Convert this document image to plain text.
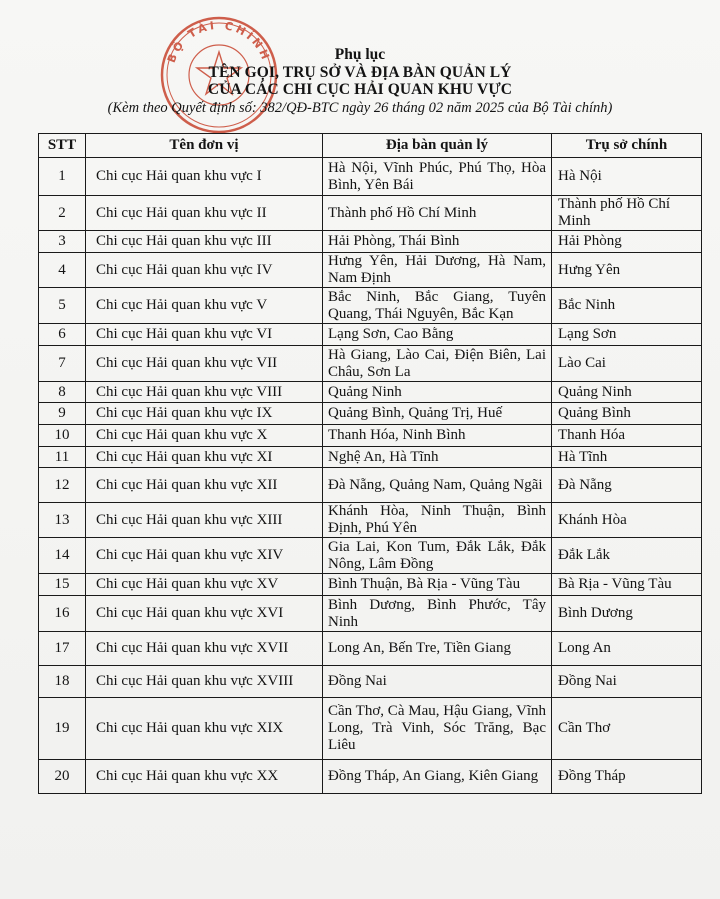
BỘ TÀI CHÍNH	Phụ lục
TÊN GỌI, TRỤ SỞ VÀ ĐỊA BÀN QUẢN LÝ
CỦA CÁC CHI CỤC HẢI QUAN KHU VỰC
(Kèm theo Quyết định số: 382/QĐ-BTC ngày 26 tháng 02 năm 2025 của Bộ Tài chính)
STT	Tên đơn vị	Địa bàn quản lý	Trụ sở chính
1	Chi cục Hải quan khu vực I	Hà Nội, Vĩnh Phúc, Phú Thọ, Hòa Bình, Yên Bái	Hà Nội
2	Chi cục Hải quan khu vực II	Thành phố Hồ Chí Minh	Thành phố Hồ Chí Minh
3	Chi cục Hải quan khu vực III	Hải Phòng, Thái Bình	Hải Phòng
4	Chi cục Hải quan khu vực IV	Hưng Yên, Hải Dương, Hà Nam, Nam Định	Hưng Yên
5	Chi cục Hải quan khu vực V	Bắc Ninh, Bắc Giang, Tuyên Quang, Thái Nguyên, Bắc Kạn	Bắc Ninh
6	Chi cục Hải quan khu vực VI	Lạng Sơn, Cao Bằng	Lạng Sơn
7	Chi cục Hải quan khu vực VII	Hà Giang, Lào Cai, Điện Biên, Lai Châu, Sơn La	Lào Cai
8	Chi cục Hải quan khu vực VIII	Quảng Ninh	Quảng Ninh
9	Chi cục Hải quan khu vực IX	Quảng Bình, Quảng Trị, Huế	Quảng Bình
10	Chi cục Hải quan khu vực X	Thanh Hóa, Ninh Bình	Thanh Hóa
11	Chi cục Hải quan khu vực XI	Nghệ An, Hà Tĩnh	Hà Tĩnh
12	Chi cục Hải quan khu vực XII	Đà Nẵng, Quảng Nam, Quảng Ngãi	Đà Nẵng
13	Chi cục Hải quan khu vực XIII	Khánh Hòa, Ninh Thuận, Bình Định, Phú Yên	Khánh Hòa
14	Chi cục Hải quan khu vực XIV	Gia Lai, Kon Tum, Đắk Lắk, Đắk Nông, Lâm Đồng	Đắk Lắk
15	Chi cục Hải quan khu vực XV	Bình Thuận, Bà Rịa - Vũng Tàu	Bà Rịa - Vũng Tàu
16	Chi cục Hải quan khu vực XVI	Bình Dương, Bình Phước, Tây Ninh	Bình Dương
17	Chi cục Hải quan khu vực XVII	Long An, Bến Tre, Tiền Giang	Long An
18	Chi cục Hải quan khu vực XVIII	Đồng Nai	Đồng Nai
19	Chi cục Hải quan khu vực XIX	Cần Thơ, Cà Mau, Hậu Giang, Vĩnh Long, Trà Vinh, Sóc Trăng, Bạc Liêu	Cần Thơ
20	Chi cục Hải quan khu vực XX	Đồng Tháp, An Giang, Kiên Giang	Đồng Tháp
